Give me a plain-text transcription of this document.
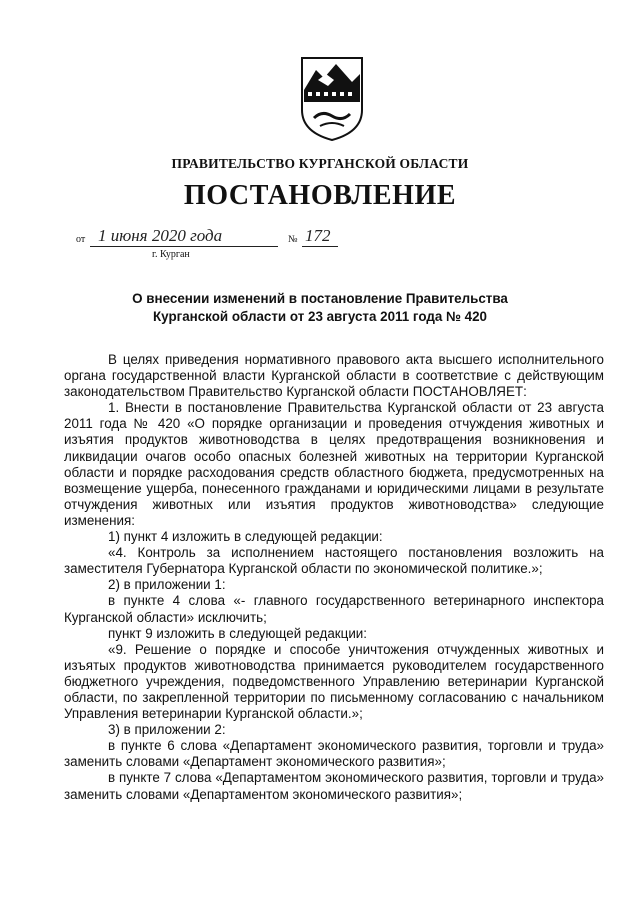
ПРАВИТЕЛЬСТВО КУРГАНСКОЙ ОБЛАСТИ
ПОСТАНОВЛЕНИЕ
от 1 июня 2020 года	№ 172
г. Курган
О внесении изменений в постановление Правительства
Курганской области от 23 августа 2011 года № 420

В целях приведения нормативного правового акта высшего исполнительного органа государственной власти Курганской области в соответствие с действующим законодательством Правительство Курганской области ПОСТАНОВЛЯЕТ:

1. Внести в постановление Правительства Курганской области от 23 августа 2011 года № 420 «О порядке организации и проведения отчуждения животных и изъятия продуктов животноводства в целях предотвращения возникновения и ликвидации очагов особо опасных болезней животных на территории Курганской области и порядке расходования средств областного бюджета, предусмотренных на возмещение ущерба, понесенного гражданами и юридическими лицами в результате отчуждения животных или изъятия продуктов животноводства» следующие изменения:

1) пункт 4 изложить в следующей редакции:

«4. Контроль за исполнением настоящего постановления возложить на заместителя Губернатора Курганской области по экономической политике.»;

2) в приложении 1:

в пункте 4 слова «- главного государственного ветеринарного инспектора Курганской области» исключить;

пункт 9 изложить в следующей редакции:

«9. Решение о порядке и способе уничтожения отчужденных животных и изъятых продуктов животноводства принимается руководителем государственного бюджетного учреждения, подведомственного Управлению ветеринарии Курганской области, по закрепленной территории по письменному согласованию с начальником Управления ветеринарии Курганской области.»;

3) в приложении 2:

в пункте 6 слова «Департамент экономического развития, торговли и труда» заменить словами «Департамент экономического развития»;

в пункте 7 слова «Департаментом экономического развития, торговли и труда» заменить словами «Департаментом экономического развития»;
